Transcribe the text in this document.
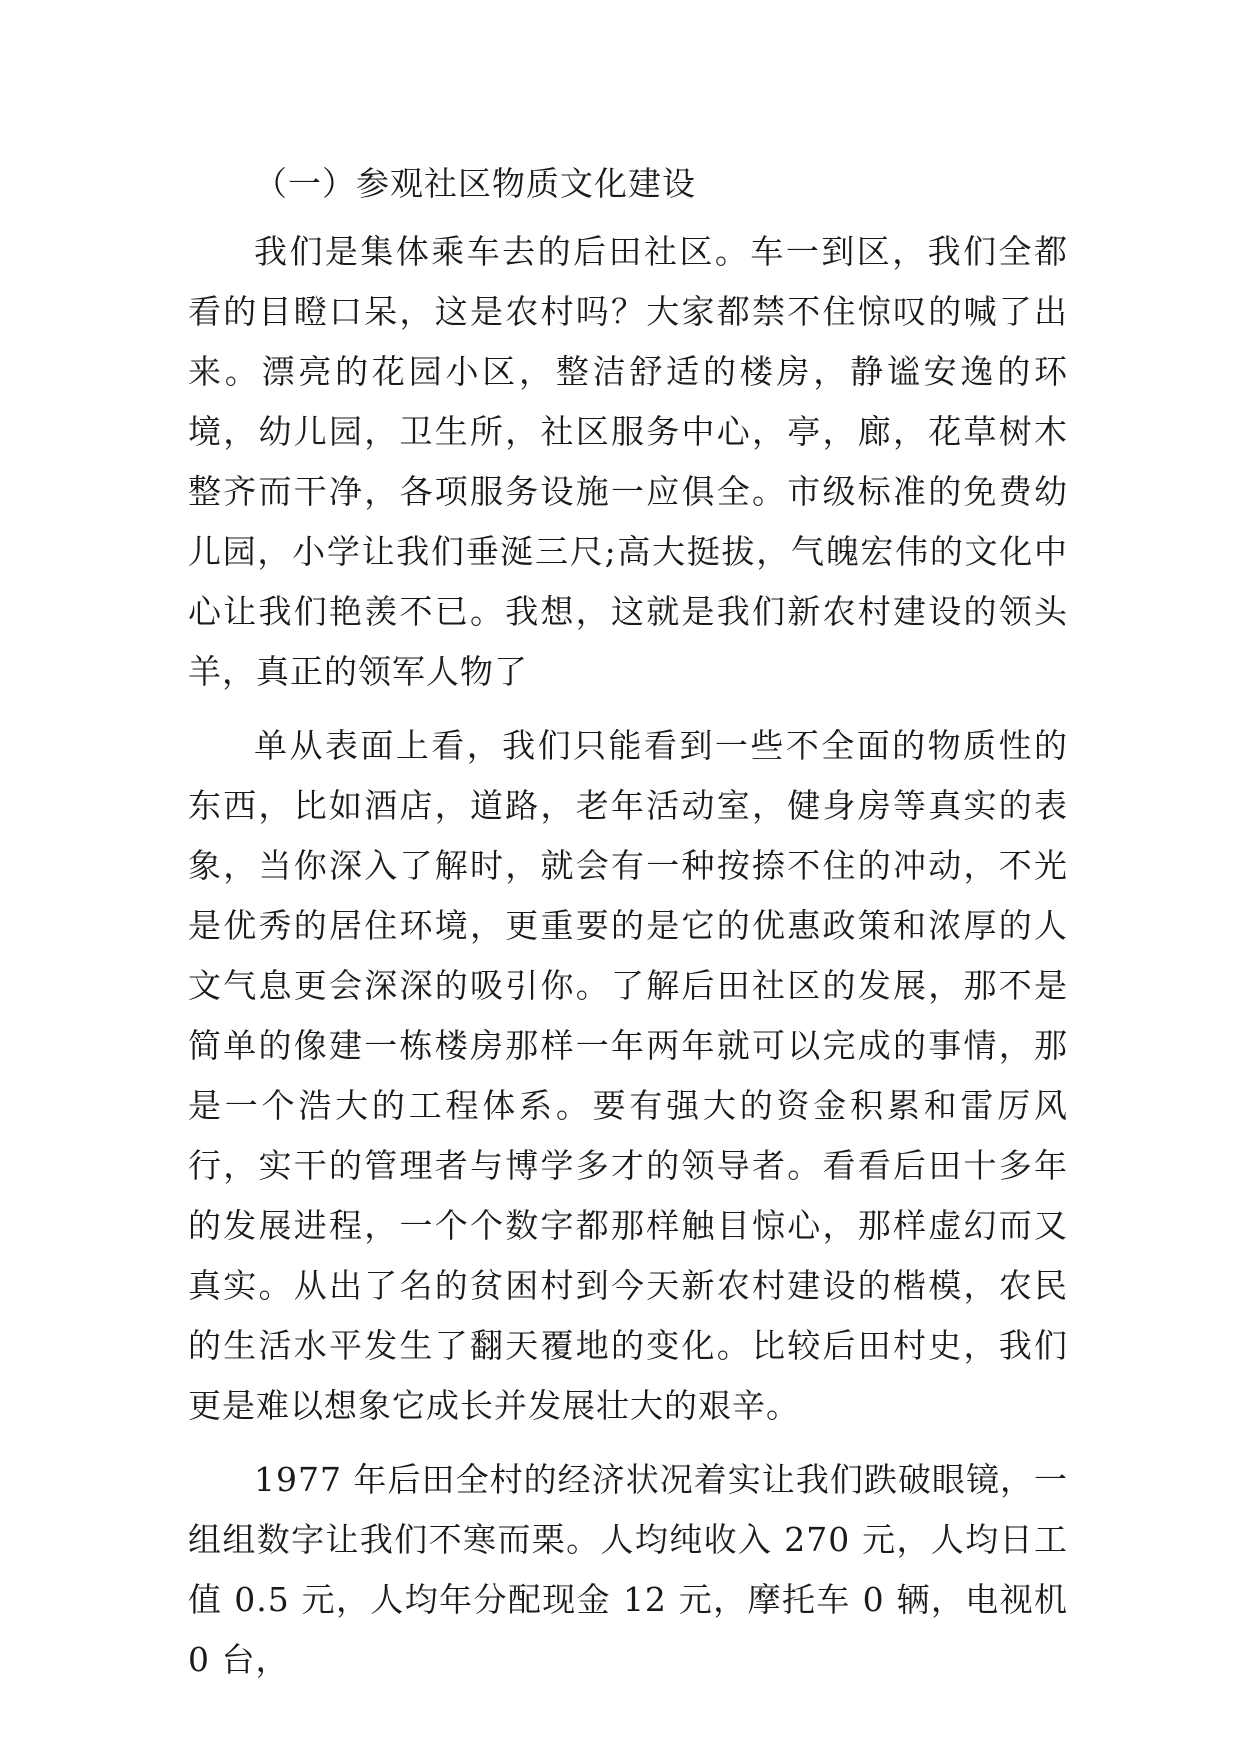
（一）参观社区物质文化建设

我们是集体乘车去的后田社区。车一到区，我们全都看的目瞪口呆，这是农村吗？大家都禁不住惊叹的喊了出来。漂亮的花园小区，整洁舒适的楼房，静谧安逸的环境，幼儿园，卫生所，社区服务中心，亭，廊，花草树木整齐而干净，各项服务设施一应俱全。市级标准的免费幼儿园，小学让我们垂涎三尺;高大挺拔，气魄宏伟的文化中心让我们艳羡不已。我想，这就是我们新农村建设的领头羊，真正的领军人物了

单从表面上看，我们只能看到一些不全面的物质性的东西，比如酒店，道路，老年活动室，健身房等真实的表象，当你深入了解时，就会有一种按捺不住的冲动，不光是优秀的居住环境，更重要的是它的优惠政策和浓厚的人文气息更会深深的吸引你。了解后田社区的发展，那不是简单的像建一栋楼房那样一年两年就可以完成的事情，那是一个浩大的工程体系。要有强大的资金积累和雷厉风行，实干的管理者与博学多才的领导者。看看后田十多年的发展进程，一个个数字都那样触目惊心，那样虚幻而又真实。从出了名的贫困村到今天新农村建设的楷模，农民的生活水平发生了翻天覆地的变化。比较后田村史，我们更是难以想象它成长并发展壮大的艰辛。

1977 年后田全村的经济状况着实让我们跌破眼镜，一组组数字让我们不寒而栗。人均纯收入 270 元，人均日工值 0.5 元，人均年分配现金 12 元，摩托车 0 辆，电视机 0 台，
